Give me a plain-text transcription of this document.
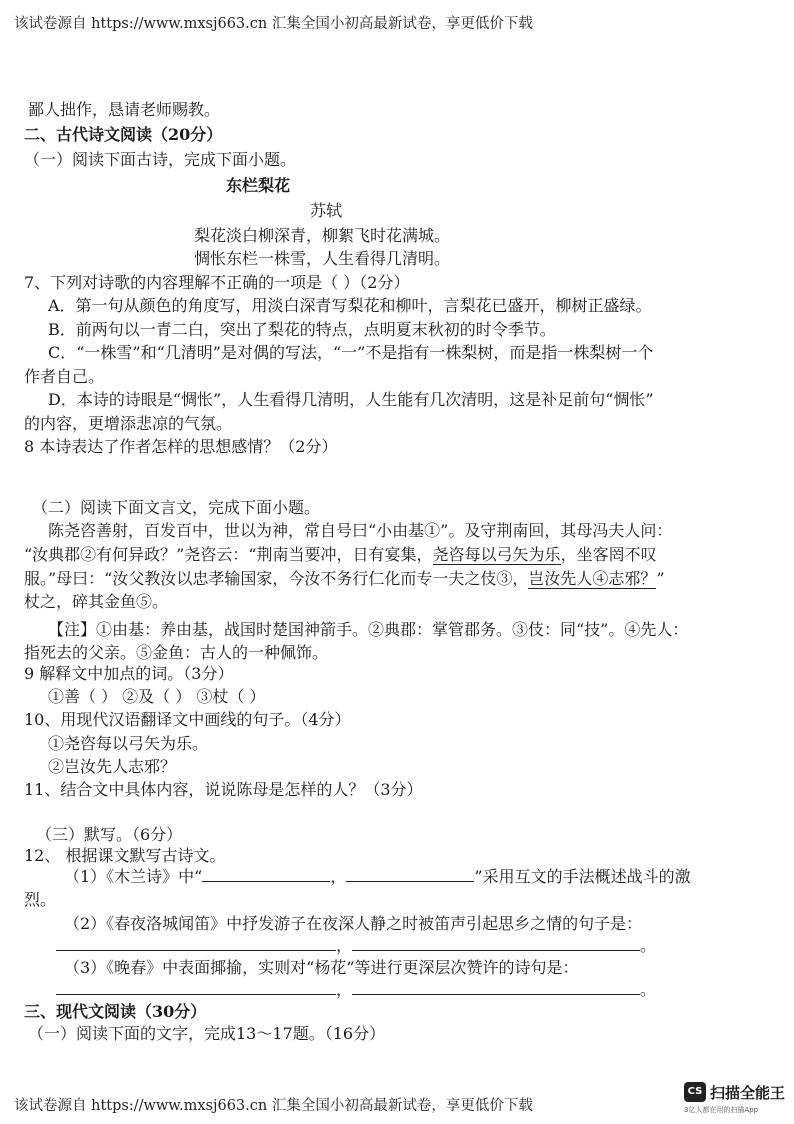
该试卷源自 https://www.mxsj663.cn 汇集全国小初高最新试卷，享更低价下载
鄙人拙作，恳请老师赐教。
二、古代诗文阅读（20分）
（一）阅读下面古诗，完成下面小题。
东栏梨花
苏轼
梨花淡白柳深青，柳絮飞时花满城。
惆怅东栏一株雪，人生看得几清明。
7、下列对诗歌的内容理解不正确的一项是（ ）（2分）
A．第一句从颜色的角度写，用淡白深青写梨花和柳叶，言梨花已盛开，柳树正盛绿。
B．前两句以一青二白，突出了梨花的特点，点明夏末秋初的时令季节。
C．“一株雪”和“几清明”是对偶的写法，“一”不是指有一株梨树，而是指一株梨树一个
作者自己。
D．本诗的诗眼是“惆怅”，人生看得几清明，人生能有几次清明，这是补足前句“惆怅”
的内容，更增添悲凉的气氛。
8 本诗表达了作者怎样的思想感情？（2分）
（二）阅读下面文言文，完成下面小题。
陈尧咨善射，百发百中，世以为神，常自号曰“小由基①”。及守荆南回，其母冯夫人问：
“汝典郡②有何异政？”尧咨云：“荆南当要冲，日有宴集，尧咨每以弓矢为乐，坐客罔不叹
服。”母曰：“汝父教汝以忠孝输国家，今汝不务行仁化而专一夫之伎③，岂汝先人④志邪？”
杖之，碎其金鱼⑤。
【注】①由基：养由基，战国时楚国神箭手。②典郡：掌管郡务。③伎：同“技”。④先人：
指死去的父亲。⑤金鱼：古人的一种佩饰。
9 解释文中加点的词。（3分）
①善（ ） ②及（ ） ③杖（ ）
10、用现代汉语翻译文中画线的句子。（4分）
①尧咨每以弓矢为乐。
②岂汝先人志邪？
11、结合文中具体内容，说说陈母是怎样的人？（3分）
（三）默写。（6分）
12、 根据课文默写古诗文。
（1）《木兰诗》中“	，	”采用互文的手法概述战斗的激
烈。
（2）《春夜洛城闻笛》中抒发游子在夜深人静之时被笛声引起思乡之情的句子是：
，	。
（3）《晚春》中表面揶揄，实则对“杨花”等进行更深层次赞许的诗句是：
，	。
三、现代文阅读（30分）
（一）阅读下面的文字，完成13～17题。（16分）
该试卷源自 https://www.mxsj663.cn 汇集全国小初高最新试卷，享更低价下载
CS 扫描全能王
3亿人都在用的扫描App
